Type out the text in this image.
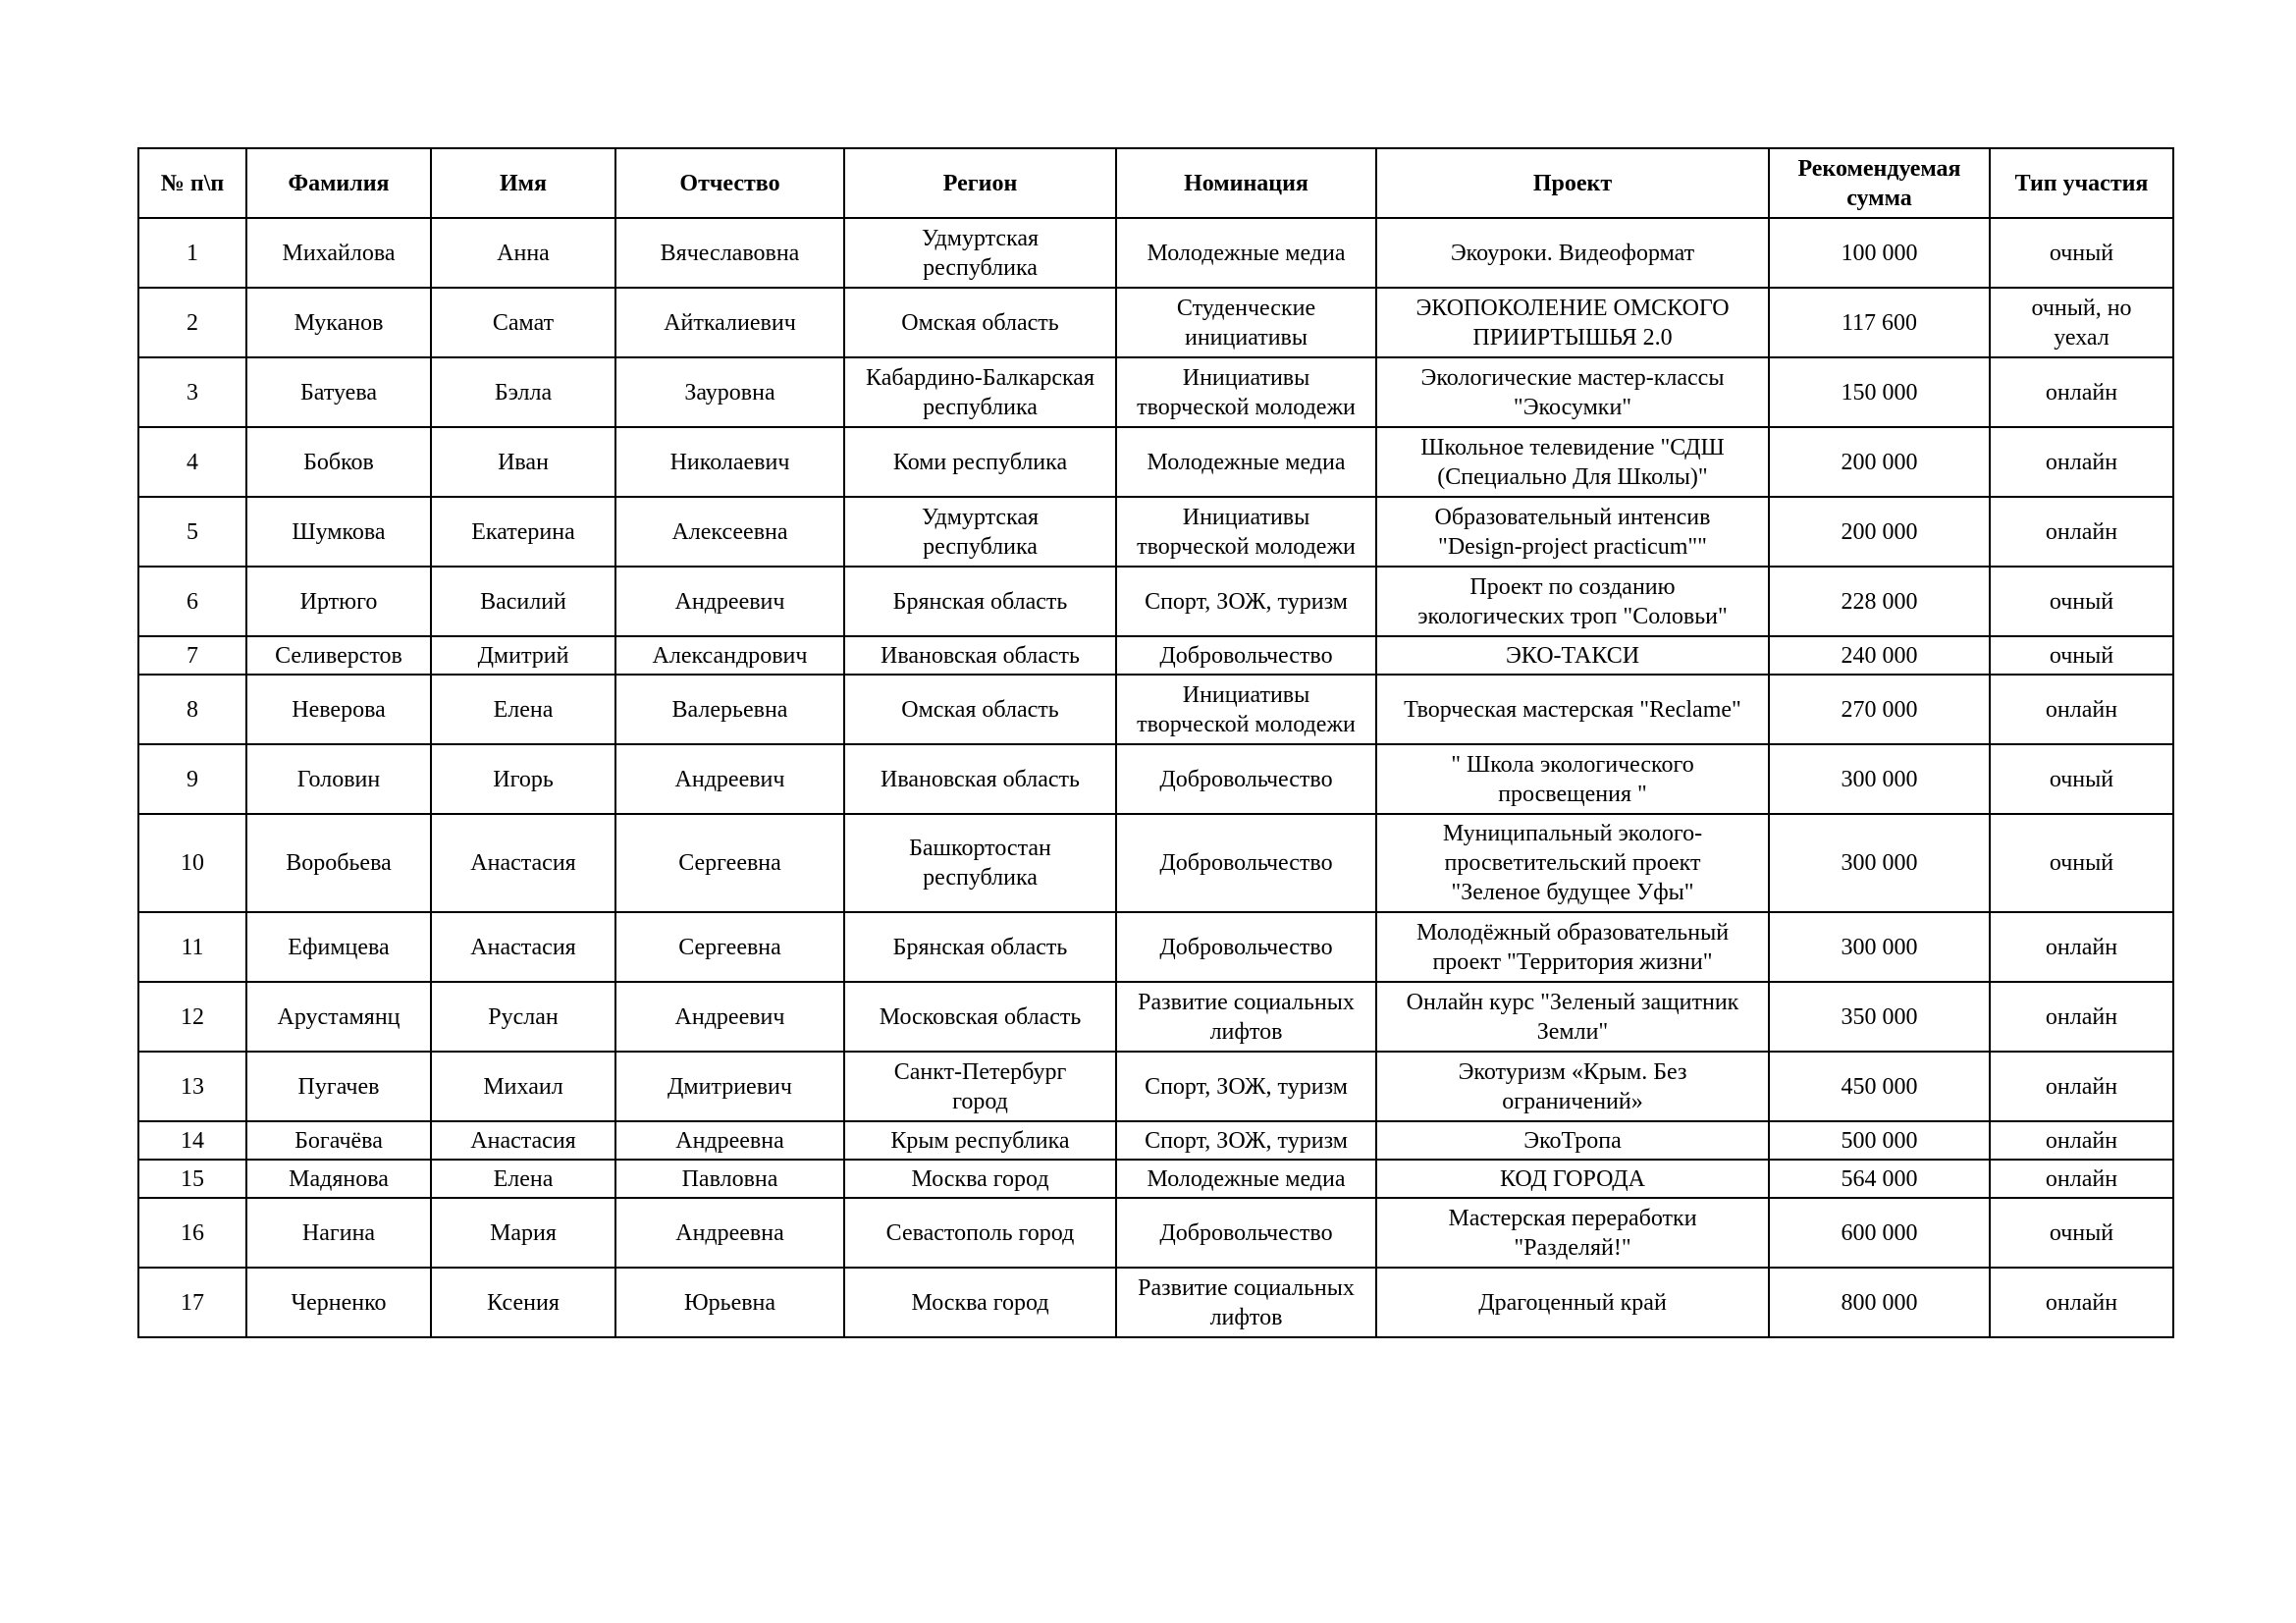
№ п\п	Фамилия	Имя	Отчество	Регион	Номинация	Проект	Рекомендуемая
сумма	Тип участия
1	Михайлова	Анна	Вячеславовна	Удмуртская
республика	Молодежные медиа	Экоуроки. Видеоформат	100 000	очный
2	Муканов	Самат	Айткалиевич	Омская область	Студенческие
инициативы	ЭКОПОКОЛЕНИЕ ОМСКОГО
ПРИИРТЫШЬЯ 2.0	117 600	очный, но
уехал
3	Батуева	Бэлла	Зауровна	Кабардино-Балкарская
республика	Инициативы
творческой молодежи	Экологические мастер-классы
"Экосумки"	150 000	онлайн
4	Бобков	Иван	Николаевич	Коми республика	Молодежные медиа	Школьное телевидение "СДШ
(Специально Для Школы)"	200 000	онлайн
5	Шумкова	Екатерина	Алексеевна	Удмуртская
республика	Инициативы
творческой молодежи	Образовательный интенсив
"Design-project practicum""	200 000	онлайн
6	Иртюго	Василий	Андреевич	Брянская область	Спорт, ЗОЖ, туризм	Проект по созданию
экологических троп "Соловьи"	228 000	очный
7	Селиверстов	Дмитрий	Александрович	Ивановская область	Добровольчество	ЭКО-ТАКСИ	240 000	очный
8	Неверова	Елена	Валерьевна	Омская область	Инициативы
творческой молодежи	Творческая мастерская "Reclame"	270 000	онлайн
9	Головин	Игорь	Андреевич	Ивановская область	Добровольчество	" Школа экологического
просвещения "	300 000	очный
10	Воробьева	Анастасия	Сергеевна	Башкортостан
республика	Добровольчество	Муниципальный эколого-
просветительский проект
"Зеленое будущее Уфы"	300 000	очный
11	Ефимцева	Анастасия	Сергеевна	Брянская область	Добровольчество	Молодёжный образовательный
проект "Территория жизни"	300 000	онлайн
12	Арустамянц	Руслан	Андреевич	Московская область	Развитие социальных
лифтов	Онлайн курс "Зеленый защитник
Земли"	350 000	онлайн
13	Пугачев	Михаил	Дмитриевич	Санкт-Петербург
город	Спорт, ЗОЖ, туризм	Экотуризм «Крым. Без
ограничений»	450 000	онлайн
14	Богачёва	Анастасия	Андреевна	Крым республика	Спорт, ЗОЖ, туризм	ЭкоТропа	500 000	онлайн
15	Мадянова	Елена	Павловна	Москва город	Молодежные медиа	КОД ГОРОДА	564 000	онлайн
16	Нагина	Мария	Андреевна	Севастополь город	Добровольчество	Мастерская переработки
"Разделяй!"	600 000	очный
17	Черненко	Ксения	Юрьевна	Москва город	Развитие социальных
лифтов	Драгоценный край	800 000	онлайн
